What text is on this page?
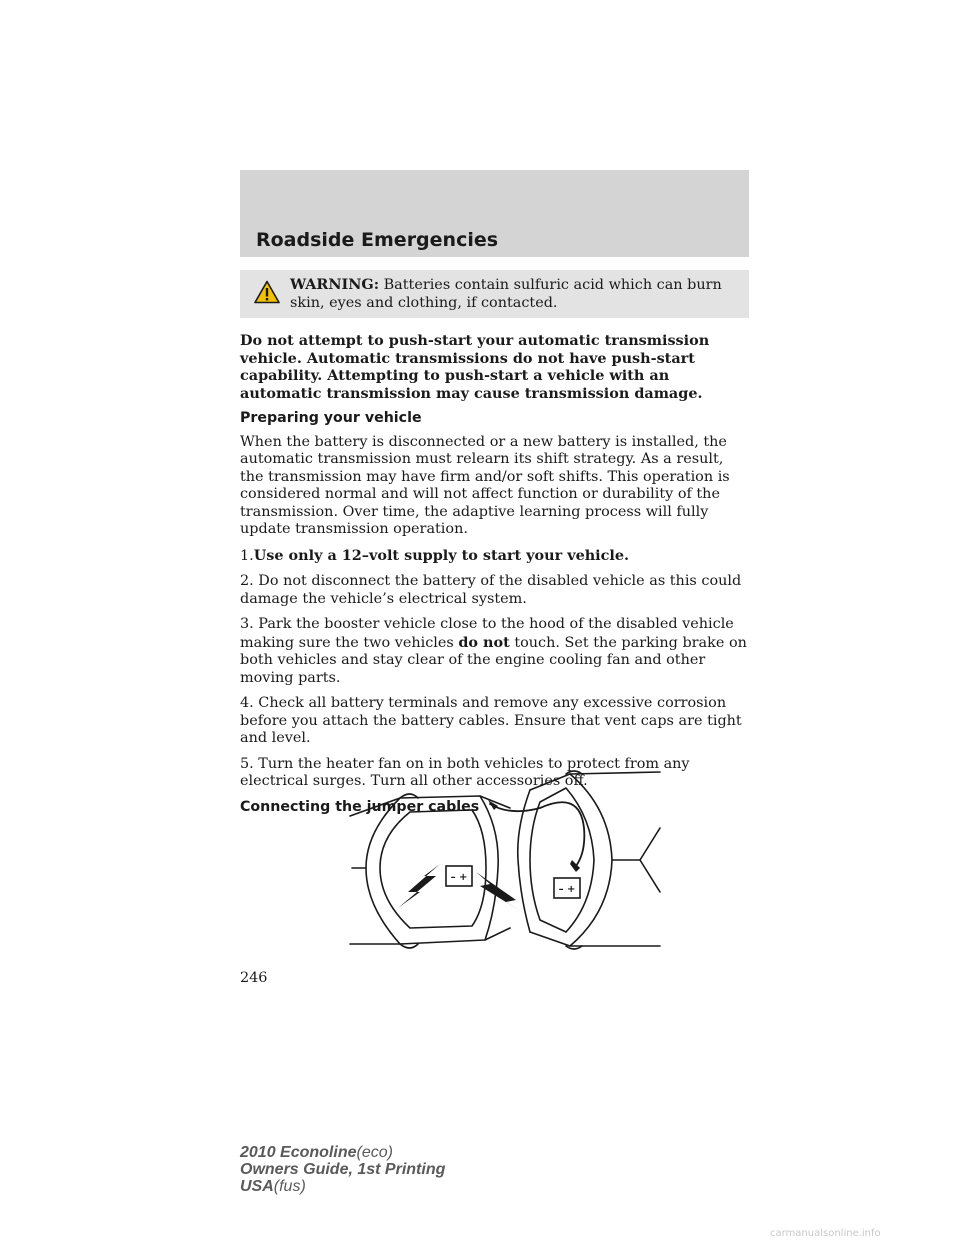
Roadside Emergencies
WARNING: Batteries contain sulfuric acid which can burn skin, eyes and clothing, if contacted.

Do not attempt to push-start your automatic transmission vehicle. Automatic transmissions do not have push-start capability. Attempting to push-start a vehicle with an automatic transmission may cause transmission damage.

Preparing your vehicle

When the battery is disconnected or a new battery is installed, the automatic transmission must relearn its shift strategy. As a result, the transmission may have firm and/or soft shifts. This operation is considered normal and will not affect function or durability of the transmission. Over time, the adaptive learning process will fully update transmission operation.

1.Use only a 12–volt supply to start your vehicle.

2. Do not disconnect the battery of the disabled vehicle as this could damage the vehicle’s electrical system.

3. Park the booster vehicle close to the hood of the disabled vehicle making sure the two vehicles do not touch. Set the parking brake on both vehicles and stay clear of the engine cooling fan and other moving parts.

4. Check all battery terminals and remove any excessive corrosion before you attach the battery cables. Ensure that vent caps are tight and level.

5. Turn the heater fan on in both vehicles to protect from any electrical surges. Turn all other accessories off.

Connecting the jumper cables
– +
– +
246
2010 Econoline(eco)
Owners Guide, 1st Printing
USA(fus)
carmanualsonline.info
